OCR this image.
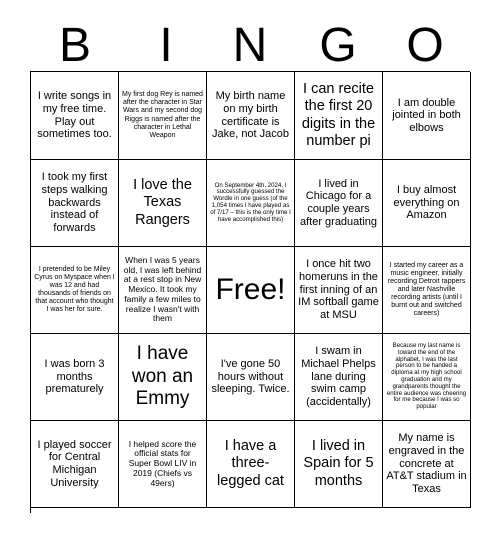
B	I	N	G	O
I write songs in my free time. Play out sometimes too.
My first dog Rey is named after the character in Star Wars and my second dog Riggs is named after the character in Lethal Weapon
My birth name on my birth certificate is Jake, not Jacob
I can recite the first 20 digits in the number pi
I am double jointed in both elbows
I took my first steps walking backwards instead of forwards
I love the Texas Rangers
On September 4th, 2024, I successfully guessed the Wordle in one guess (of the 1,054 times I have played as of 7/17 – this is the only time I have accomplished this)
I lived in Chicago for a couple years after graduating
I buy almost everything on Amazon
I pretended to be Miley Cyrus on Myspace when I was 12 and had thousands of friends on that account who thought I was her for sure.
When I was 5 years old, I was left behind at a rest stop in New Mexico. It took my family a few miles to realize I wasn't with them
Free!
I once hit two homeruns in the first inning of an IM softball game at MSU
I started my career as a music engineer, initially recording Detroit rappers and later Nashville recording artists (until I burnt out and switched careers)
I was born 3 months prematurely
I have won an Emmy
I've gone 50 hours without sleeping. Twice.
I swam in Michael Phelps lane during swim camp (accidentally)
Because my last name is toward the end of the alphabet, I was the last person to be handed a diploma at my high school graduation and my grandparents thought the entire audience was cheering for me because I was so popular
I played soccer for Central Michigan University
I helped score the official stats for Super Bowl LIV in 2019 (Chiefs vs 49ers)
I have a three-legged cat
I lived in Spain for 5 months
My name is engraved in the concrete at AT&T stadium in Texas
